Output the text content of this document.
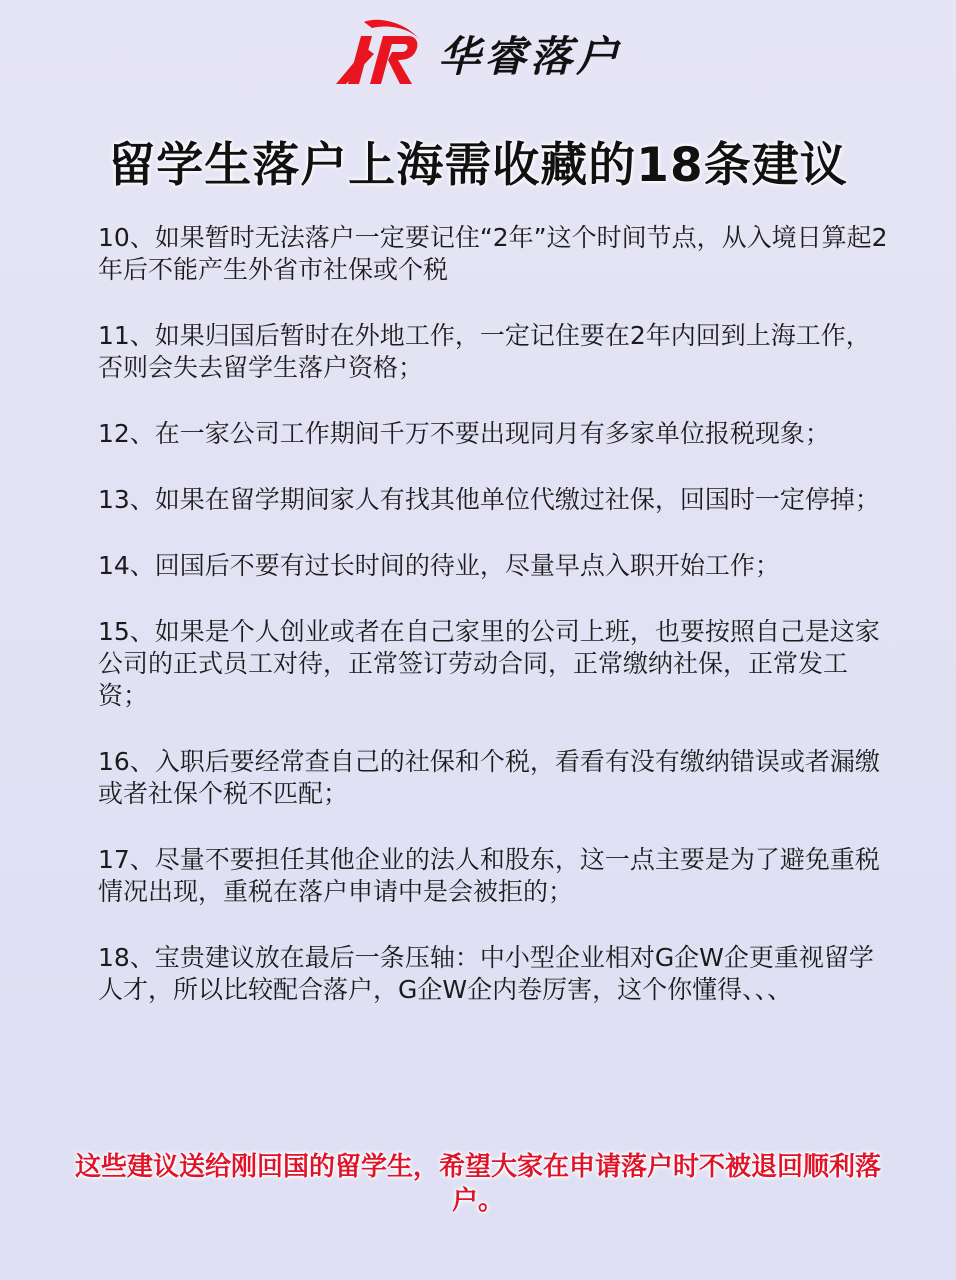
华睿落户
留学生落户上海需收藏的18条建议
10、如果暂时无法落户一定要记住“2年”这个时间节点，从入境日算起2年后不能产生外省市社保或个税
11、如果归国后暂时在外地工作，一定记住要在2年内回到上海工作，否则会失去留学生落户资格；
12、在一家公司工作期间千万不要出现同月有多家单位报税现象；
13、如果在留学期间家人有找其他单位代缴过社保，回国时一定停掉；
14、回国后不要有过长时间的待业，尽量早点入职开始工作；
15、如果是个人创业或者在自己家里的公司上班，也要按照自己是这家公司的正式员工对待，正常签订劳动合同，正常缴纳社保，正常发工资；
16、入职后要经常查自己的社保和个税，看看有没有缴纳错误或者漏缴或者社保个税不匹配；
17、尽量不要担任其他企业的法人和股东，这一点主要是为了避免重税情况出现，重税在落户申请中是会被拒的；
18、宝贵建议放在最后一条压轴：中小型企业相对G企W企更重视留学人才，所以比较配合落户，G企W企内卷厉害，这个你懂得、、、
这些建议送给刚回国的留学生，希望大家在申请落户时不被退回顺利落户。
